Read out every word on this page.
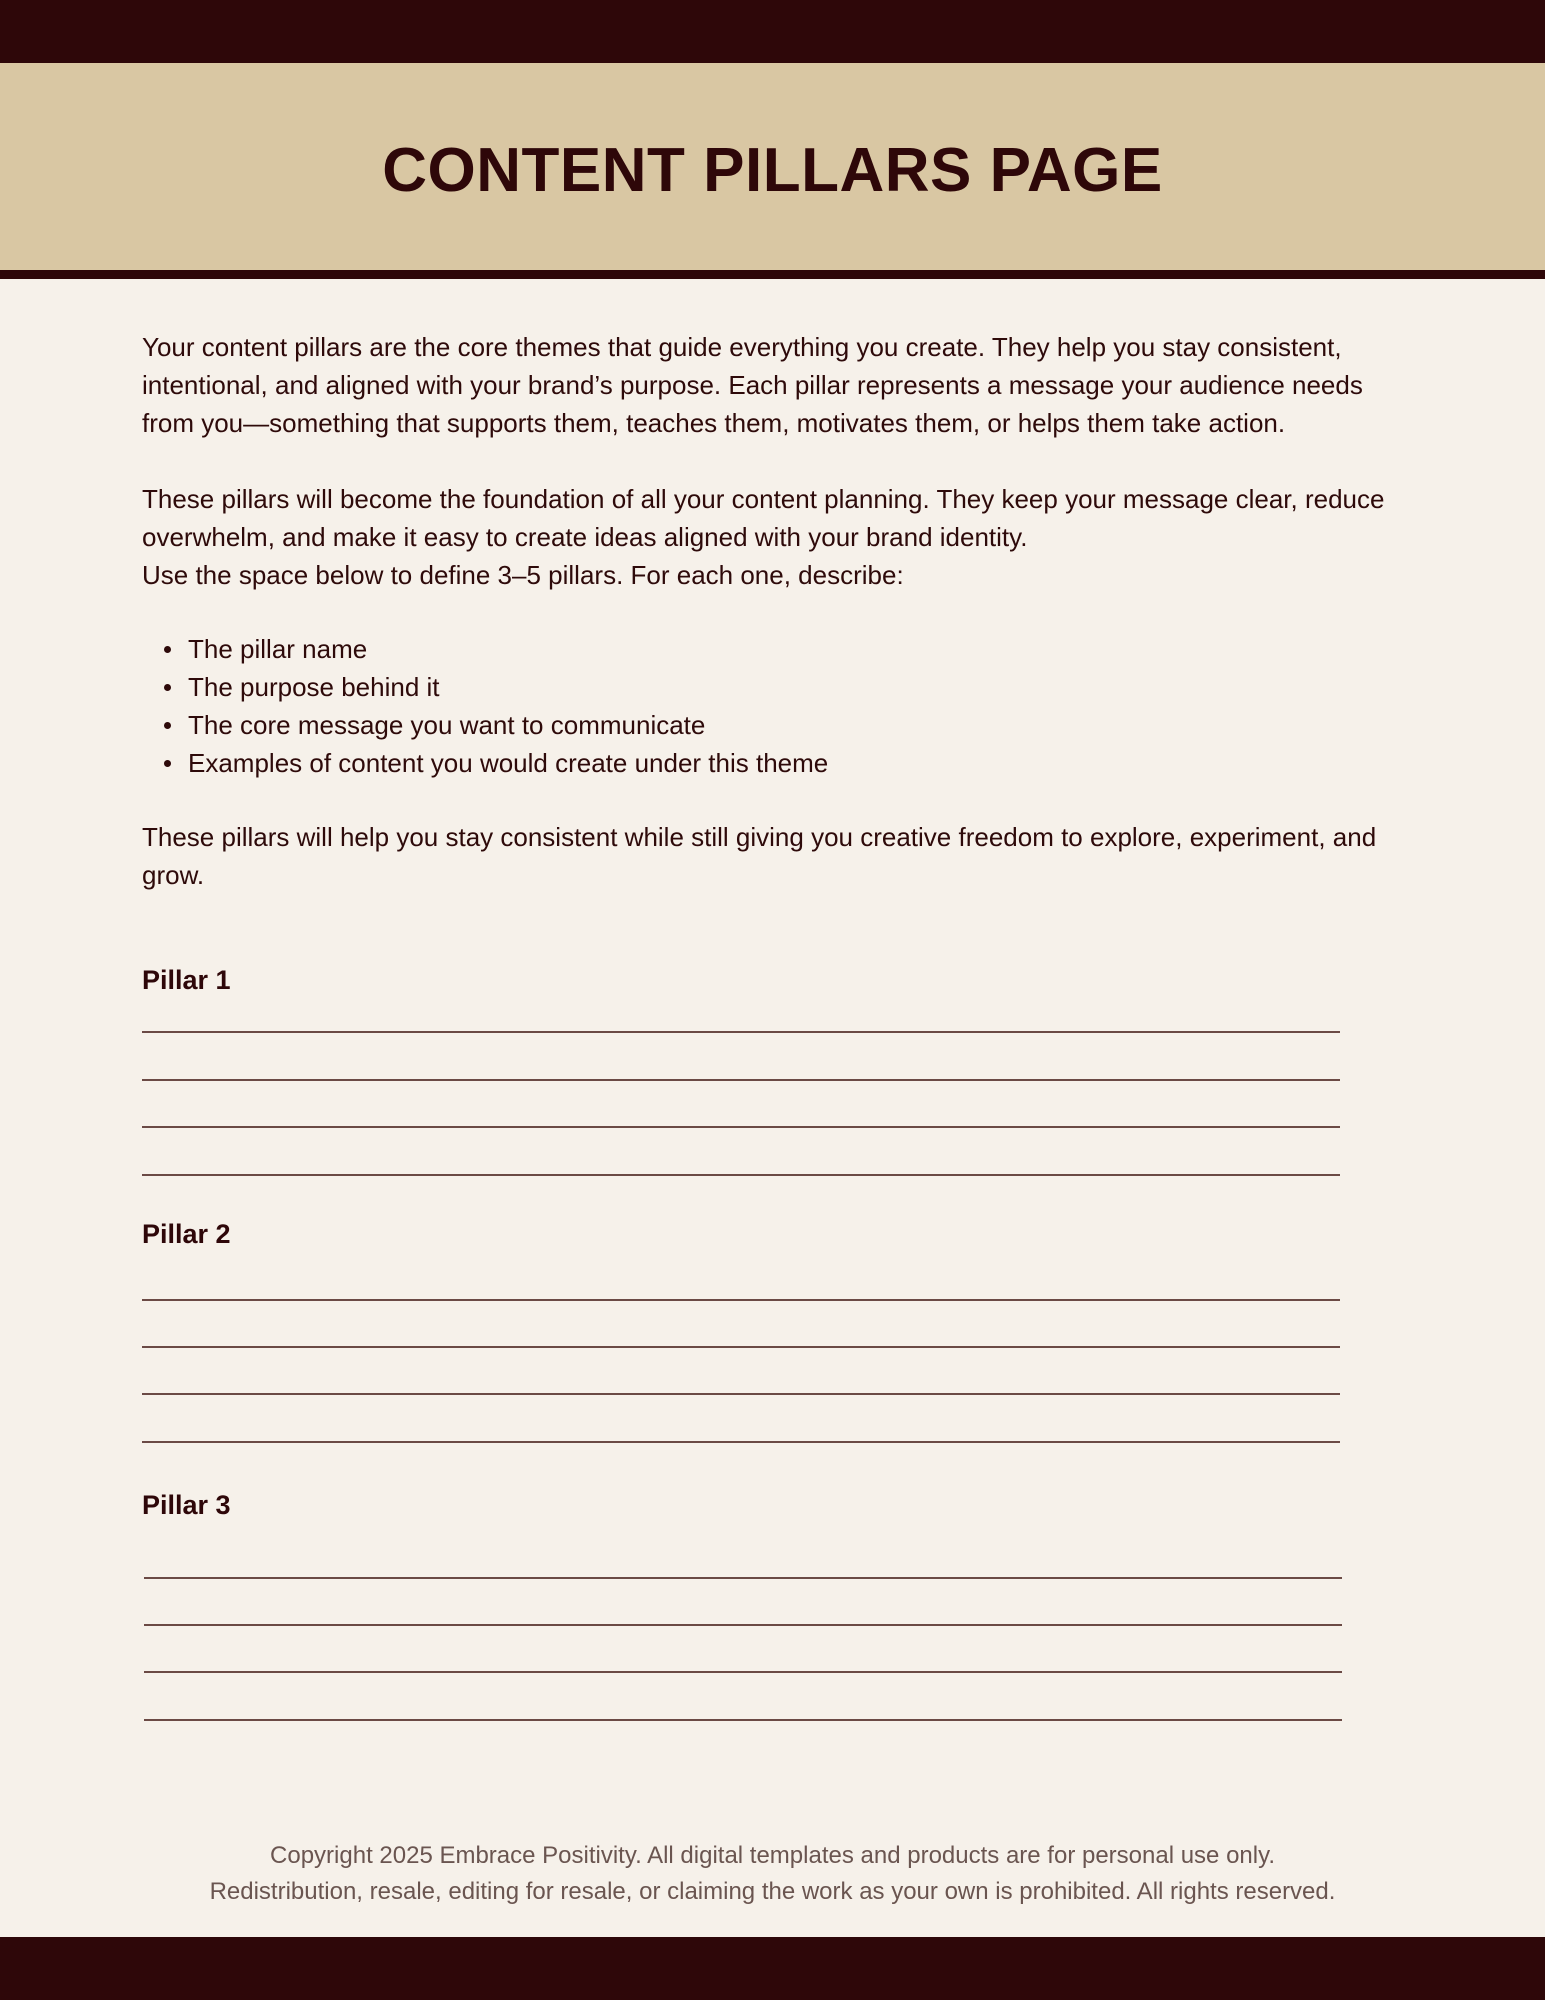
CONTENT PILLARS PAGE

Your content pillars are the core themes that guide everything you create. They help you stay consistent, intentional, and aligned with your brand’s purpose. Each pillar represents a message your audience needs from you—something that supports them, teaches them, motivates them, or helps them take action.

These pillars will become the foundation of all your content planning. They keep your message clear, reduce overwhelm, and make it easy to create ideas aligned with your brand identity.

Use the space below to define 3–5 pillars. For each one, describe:

The pillar name
The purpose behind it
The core message you want to communicate
Examples of content you would create under this theme

These pillars will help you stay consistent while still giving you creative freedom to explore, experiment, and grow.

Pillar 1
Pillar 2
Pillar 3
Copyright 2025 Embrace Positivity. All digital templates and products are for personal use only.
Redistribution, resale, editing for resale, or claiming the work as your own is prohibited. All rights reserved.
